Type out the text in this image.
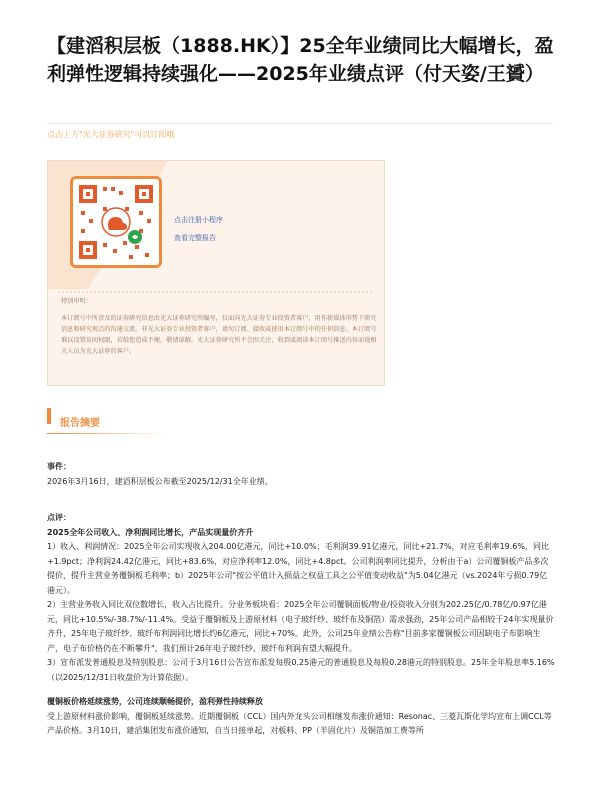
【建滔积层板（1888.HK）】25全年业绩同比大幅增长，盈利弹性逻辑持续强化——2025年业绩点评（付天姿/王贇）
点击上方"光大证券研究"可以订阅哦
点击注册小程序
查看完整报告
特别申明：
本订阅号中所涉及的证券研究信息由光大证券研究所编写，仅面向光大证券专业投资者客户，用作新媒体形势下研究信息和研究观点的沟通交流。非光大证券专业投资者客户，请勿订阅、接收或使用本订阅号中的任何信息。本订阅号难以设置访问权限，若给您造成不便，敬请谅解。光大证券研究所不会因关注、收到或阅读本订阅号推送内容而视相关人员为光大证券的客户。
报告摘要

事件：

2026年3月16日，建滔积层板公布截至2025/12/31全年业绩。

点评：

2025全年公司收入、净利润同比增长，产品实现量价齐升

1）收入、利润情况：2025全年公司实现收入204.00亿港元，同比+10.0%；毛利润39.91亿港元，同比+21.7%，对应毛利率19.6%，同比+1.9pct；净利润24.42亿港元，同比+83.6%，对应净利率12.0%，同比+4.8pct。公司利润率同比提升，分析由于a）公司覆铜板产品多次提价，提升主营业务覆铜板毛利率；b）2025年公司"按公平值计入损益之权益工具之公平值变动收益"为5.04亿港元（vs.2024年亏损0.79亿港元）。

2）主营业务收入同比双位数增长，收入占比提升。分业务板块看：2025全年公司覆铜面板/物业/投资收入分别为202.25亿/0.78亿/0.97亿港元，同比+10.5%/-38.7%/-11.4%。受益于覆铜板及上游原材料（电子玻纤纱、玻纤布及铜箔）需求强劲，25年公司产品相较于24年实现量价齐升，25年电子玻纤纱、玻纤布利润同比增长约6亿港元，同比+70%。此外，公司25年业绩公告称"目前多家覆铜板公司因缺电子布影响生产，电子布价格仍在不断攀升"，我们预计26年电子玻纤纱、玻纤布利润有望大幅提升。

3）宣布派发普通股息及特别股息：公司于3月16日公告宣布派发每股0.25港元的普通股息及每股0.28港元的特别股息。25年全年股息率5.16%（以2025/12/31日收盘价为计算依据）。

覆铜板价格延续涨势，公司连续顺畅提价，盈利弹性持续释放

受上游原材料涨价影响，覆铜板延续涨势。近期覆铜板（CCL）国内外龙头公司相继发布涨价通知：Resonac、三菱瓦斯化学均宣布上调CCL等产品价格。3月10日，建滔集团发布涨价通知，自当日接单起，对板料、PP（半固化片）及铜箔加工费等所
